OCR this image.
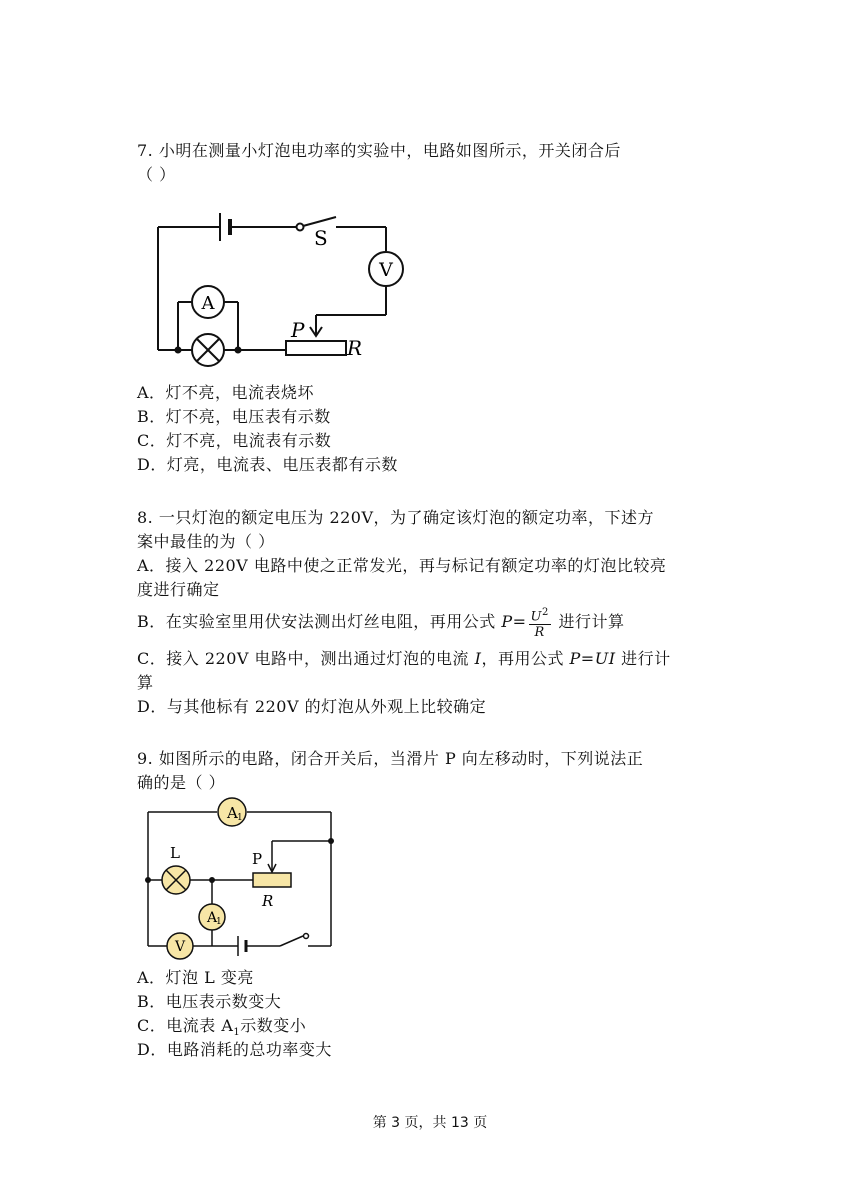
7. 小明在测量小灯泡电功率的实验中，电路如图所示，开关闭合后
（ ）
V
A
S
P
R
A．灯不亮，电流表烧坏
B．灯不亮，电压表有示数
C．灯不亮，电流表有示数
D．灯亮，电流表、电压表都有示数
8. 一只灯泡的额定电压为 220V，为了确定该灯泡的额定功率，下述方
案中最佳的为（ ）
A．接入 220V 电路中使之正常发光，再与标记有额定功率的灯泡比较亮
度进行确定
B．在实验室里用伏安法测出灯丝电阻，再用公式 $P= \frac{U^2}{R}$ 进行计算
C．接入 220V 电路中，测出通过灯泡的电流 I，再用公式 P=UI 进行计
算
D．与其他标有 220V 的灯泡从外观上比较确定
9. 如图所示的电路，闭合开关后，当滑片 P 向左移动时，下列说法正
确的是（ ）
A 1
L	P
R
A
1
V
A．灯泡 L 变亮
B．电压表示数变大
C．电流表 $A_1$示数变小
D．电路消耗的总功率变大
第 3 页，共 13 页
